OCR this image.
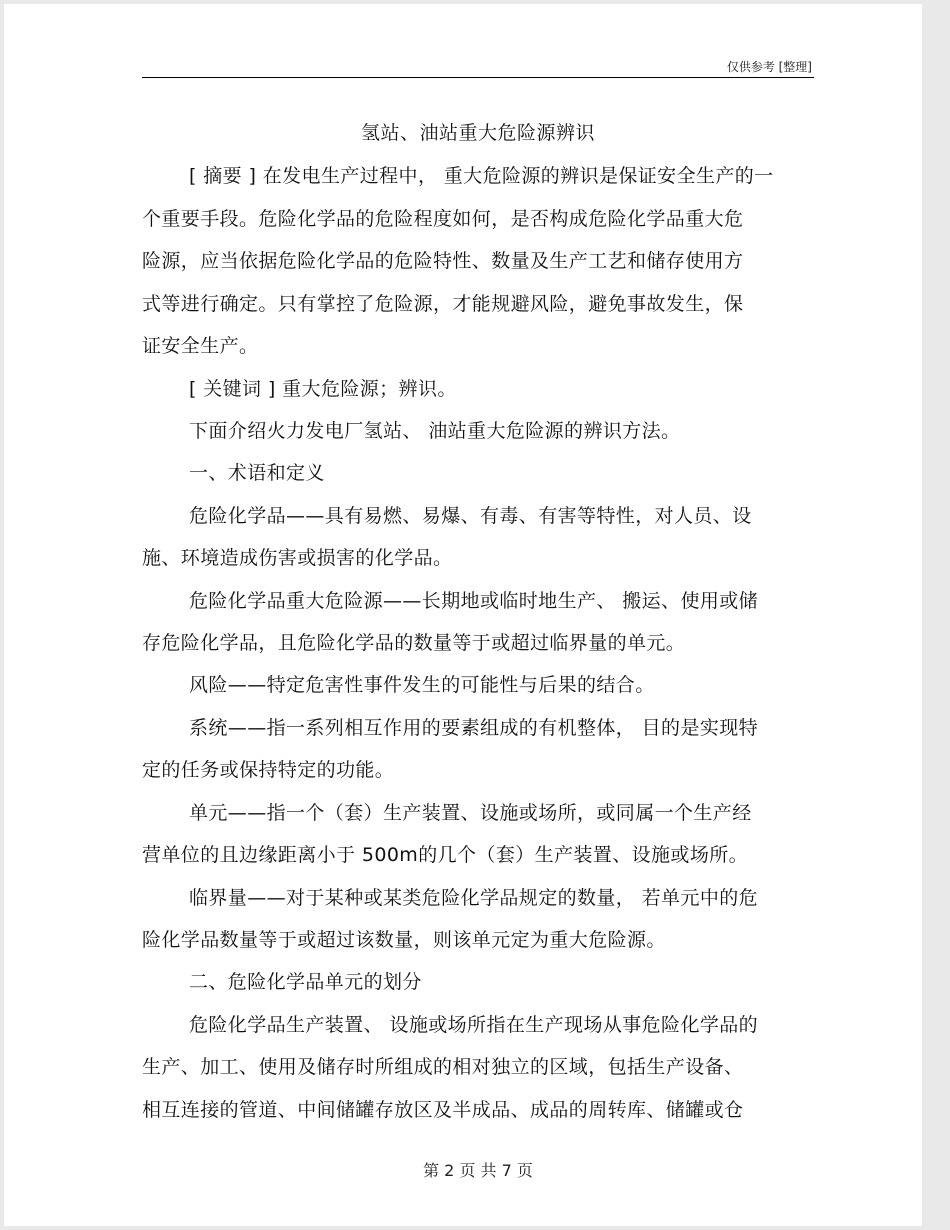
仅供参考 [整理]
氢站、油站重大危险源辨识
[ 摘要 ] 在发电生产过程中， 重大危险源的辨识是保证安全生产的一
个重要手段。危险化学品的危险程度如何，是否构成危险化学品重大危
险源，应当依据危险化学品的危险特性、数量及生产工艺和储存使用方
式等进行确定。只有掌控了危险源，才能规避风险，避免事故发生，保
证安全生产。
[ 关键词 ] 重大危险源；辨识。
下面介绍火力发电厂氢站、 油站重大危险源的辨识方法。
一、术语和定义
危险化学品——具有易燃、易爆、有毒、有害等特性，对人员、设
施、环境造成伤害或损害的化学品。
危险化学品重大危险源——长期地或临时地生产、 搬运、使用或储
存危险化学品，且危险化学品的数量等于或超过临界量的单元。
风险——特定危害性事件发生的可能性与后果的结合。
系统——指一系列相互作用的要素组成的有机整体， 目的是实现特
定的任务或保持特定的功能。
单元——指一个（套）生产装置、设施或场所，或同属一个生产经
营单位的且边缘距离小于 500m的几个（套）生产装置、设施或场所。
临界量——对于某种或某类危险化学品规定的数量， 若单元中的危
险化学品数量等于或超过该数量，则该单元定为重大危险源。
二、危险化学品单元的划分
危险化学品生产装置、 设施或场所指在生产现场从事危险化学品的
生产、加工、使用及储存时所组成的相对独立的区域，包括生产设备、
相互连接的管道、中间储罐存放区及半成品、成品的周转库、储罐或仓
第 2 页 共 7 页
